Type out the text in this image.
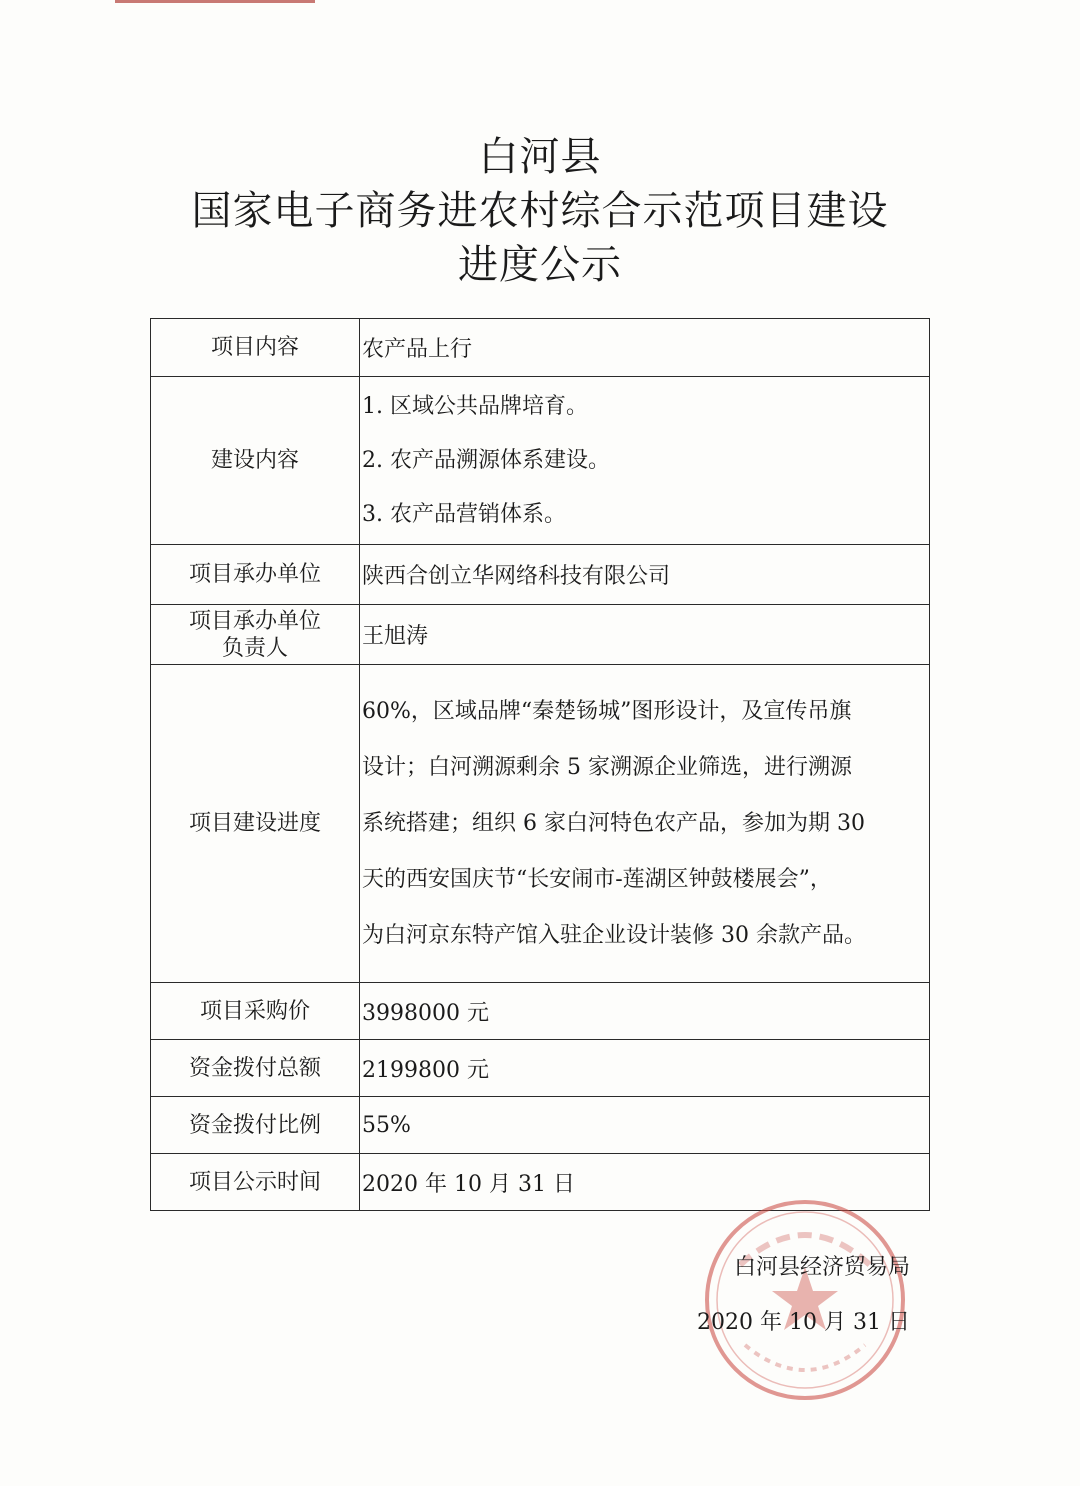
白河县
国家电子商务进农村综合示范项目建设
进度公示
项目内容	农产品上行
建设内容	1. 区域公共品牌培育。
2. 农产品溯源体系建设。
3. 农产品营销体系。

项目承办单位	陕西合创立华网络科技有限公司

项目承办单位
负责人	王旭涛
项目建设进度	60%，区域品牌“秦楚钖城”图形设计，及宣传吊旗
设计；白河溯源剩余 5 家溯源企业筛选，进行溯源
系统搭建；组织 6 家白河特色农产品，参加为期 30
天的西安国庆节“长安闹市-莲湖区钟鼓楼展会”，
为白河京东特产馆入驻企业设计装修 30 余款产品。

项目采购价	3998000 元
资金拨付总额	2199800 元
资金拨付比例	55%
项目公示时间	2020 年 10 月 31 日
白河县经济贸易局
2020 年 10 月 31 日
